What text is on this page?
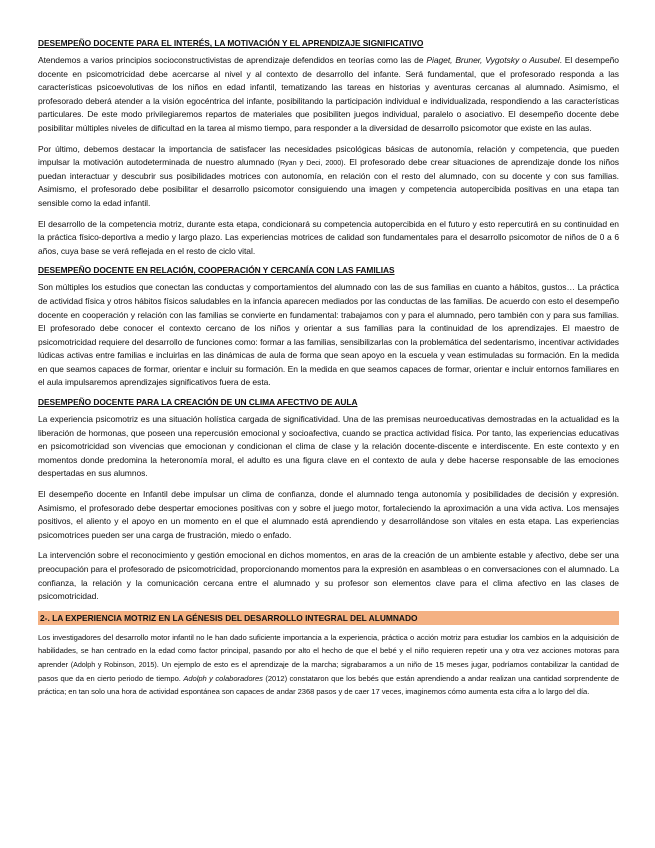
DESEMPEÑO DOCENTE PARA EL INTERÉS, LA MOTIVACIÓN Y EL APRENDIZAJE SIGNIFICATIVO

Atendemos a varios principios socioconstructivistas de aprendizaje defendidos en teorías como las de Piaget, Bruner, Vygotsky o Ausubel. El desempeño docente en psicomotricidad debe acercarse al nivel y al contexto de desarrollo del infante. Será fundamental, que el profesorado responda a las características psicoevolutivas de los niños en edad infantil, tematizando las tareas en historias y aventuras cercanas al alumnado. Asimismo, el profesorado deberá atender a la visión egocéntrica del infante, posibilitando la participación individual e individualizada, respondiendo a las características particulares. De este modo privilegiaremos repartos de materiales que posibiliten juegos individual, paralelo o asociativo. El desempeño docente debe posibilitar múltiples niveles de dificultad en la tarea al mismo tiempo, para responder a la diversidad de desarrollo psicomotor que existe en las aulas.

Por último, debemos destacar la importancia de satisfacer las necesidades psicológicas básicas de autonomía, relación y competencia, que pueden impulsar la motivación autodeterminada de nuestro alumnado (Ryan y Deci, 2000). El profesorado debe crear situaciones de aprendizaje donde los niños puedan interactuar y descubrir sus posibilidades motrices con autonomía, en relación con el resto del alumnado, con su docente y con sus familias. Asimismo, el profesorado debe posibilitar el desarrollo psicomotor consiguiendo una imagen y competencia autopercibida positivas en una etapa tan sensible como la edad infantil.

El desarrollo de la competencia motriz, durante esta etapa, condicionará su competencia autopercibida en el futuro y esto repercutirá en su continuidad en la práctica físico-deportiva a medio y largo plazo. Las experiencias motrices de calidad son fundamentales para el desarrollo psicomotor de niños de 0 a 6 años, cuya base se verá reflejada en el resto de ciclo vital.

DESEMPEÑO DOCENTE EN RELACIÓN, COOPERACIÓN Y CERCANÍA CON LAS FAMILIAS

Son múltiples los estudios que conectan las conductas y comportamientos del alumnado con las de sus familias en cuanto a hábitos, gustos… La práctica de actividad física y otros hábitos físicos saludables en la infancia aparecen mediados por las conductas de las familias. De acuerdo con esto el desempeño docente en cooperación y relación con las familias se convierte en fundamental: trabajamos con y para el alumnado, pero también con y para sus familias. El profesorado debe conocer el contexto cercano de los niños y orientar a sus familias para la continuidad de los aprendizajes. El maestro de psicomotricidad requiere del desarrollo de funciones como: formar a las familias, sensibilizarlas con la problemática del sedentarismo, incentivar actividades lúdicas activas entre familias e incluirlas en las dinámicas de aula de forma que sean apoyo en la escuela y vean estimuladas su formación. En la medida en que seamos capaces de formar, orientar e incluir su formación. En la medida en que seamos capaces de formar, orientar e incluir entornos familiares en el aula impulsaremos aprendizajes significativos fuera de esta.

DESEMPEÑO DOCENTE PARA LA CREACIÓN DE UN CLIMA AFECTIVO DE AULA

La experiencia psicomotriz es una situación holística cargada de significatividad. Una de las premisas neuroeducativas demostradas en la actualidad es la liberación de hormonas, que poseen una repercusión emocional y socioafectiva, cuando se practica actividad física. Por tanto, las experiencias educativas en psicomotricidad son vivencias que emocionan y condicionan el clima de clase y la relación docente-discente e interdiscente. En este contexto y en momentos donde predomina la heteronomía moral, el adulto es una figura clave en el contexto de aula y debe hacerse responsable de las emociones despertadas en sus alumnos.

El desempeño docente en Infantil debe impulsar un clima de confianza, donde el alumnado tenga autonomía y posibilidades de decisión y expresión. Asimismo, el profesorado debe despertar emociones positivas con y sobre el juego motor, fortaleciendo la aproximación a una vida activa. Los mensajes positivos, el aliento y el apoyo en un momento en el que el alumnado está aprendiendo y desarrollándose son vitales en esta etapa. Las experiencias psicomotrices pueden ser una carga de frustración, miedo o enfado.

La intervención sobre el reconocimiento y gestión emocional en dichos momentos, en aras de la creación de un ambiente estable y afectivo, debe ser una preocupación para el profesorado de psicomotricidad, proporcionando momentos para la expresión en asambleas o en conversaciones con el alumnado. La confianza, la relación y la comunicación cercana entre el alumnado y su profesor son elementos clave para el clima afectivo en las clases de psicomotricidad.

2-. LA EXPERIENCIA MOTRIZ EN LA GÉNESIS DEL DESARROLLO INTEGRAL DEL ALUMNADO

Los investigadores del desarrollo motor infantil no le han dado suficiente importancia a la experiencia, práctica o acción motriz para estudiar los cambios en la adquisición de habilidades, se han centrado en la edad como factor principal, pasando por alto el hecho de que el bebé y el niño requieren repetir una y otra vez acciones motoras para aprender (Adolph y Robinson, 2015). Un ejemplo de esto es el aprendizaje de la marcha; sigrabaramos a un niño de 15 meses jugar, podríamos contabilizar la cantidad de pasos que da en cierto periodo de tiempo. Adolph y colaboradores (2012) constataron que los bebés que están aprendiendo a andar realizan una cantidad sorprendente de práctica; en tan solo una hora de actividad espontánea son capaces de andar 2368 pasos y de caer 17 veces, imaginemos cómo aumenta esta cifra a lo largo del día.
